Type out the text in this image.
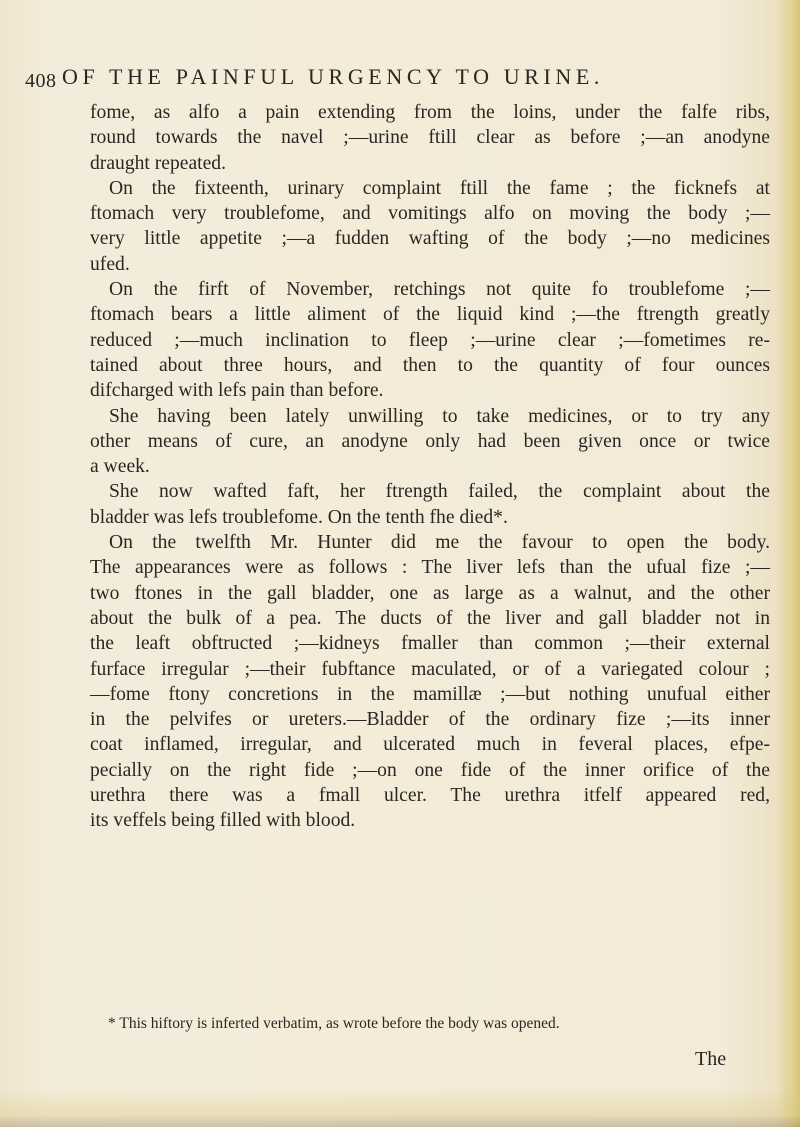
408 OF THE PAINFUL URGENCY TO URINE.
fome, as alfo a pain extending from the loins, under the falfe ribs,
round towards the navel ;—urine ftill clear as before ;—an anodyne
draught repeated.
On the fixteenth, urinary complaint ftill the fame ; the ficknefs at
ftomach very troublefome, and vomitings alfo on moving the body ;—
very little appetite ;—a fudden wafting of the body ;—no medicines
ufed.
On the firft of November, retchings not quite fo troublefome ;—
ftomach bears a little aliment of the liquid kind ;—the ftrength greatly
reduced ;—much inclination to fleep ;—urine clear ;—fometimes re-
tained about three hours, and then to the quantity of four ounces
difcharged with lefs pain than before.
She having been lately unwilling to take medicines, or to try any
other means of cure, an anodyne only had been given once or twice
a week.
She now wafted faft, her ftrength failed, the complaint about the
bladder was lefs troublefome. On the tenth fhe died*.
On the twelfth Mr. Hunter did me the favour to open the body.
The appearances were as follows : The liver lefs than the ufual fize ;—
two ftones in the gall bladder, one as large as a walnut, and the other
about the bulk of a pea. The ducts of the liver and gall bladder not in
the leaft obftructed ;—kidneys fmaller than common ;—their external
furface irregular ;—their fubftance maculated, or of a variegated colour ;
—fome ftony concretions in the mamillæ ;—but nothing unufual either
in the pelvifes or ureters.—Bladder of the ordinary fize ;—its inner
coat inflamed, irregular, and ulcerated much in feveral places, efpe-
pecially on the right fide ;—on one fide of the inner orifice of the
urethra there was a fmall ulcer. The urethra itfelf appeared red,
its veffels being filled with blood.
* This hiftory is inferted verbatim, as wrote before the body was opened.
The
